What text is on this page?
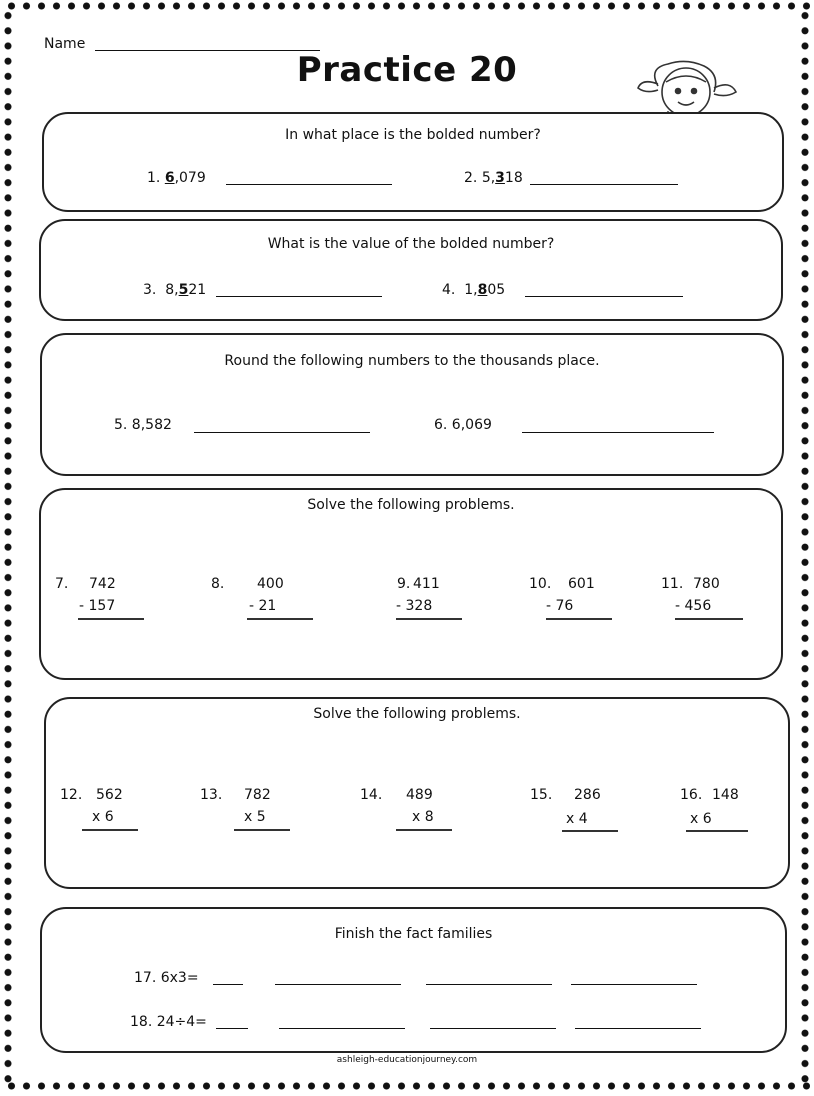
Name
Practice 20
In what place is the bolded number?
1. 6,079	2. 5,318
What is the value of the bolded number?
3. 8,521	4. 1,805
Round the following numbers to the thousands place.
5. 8,582	6. 6,069
Solve the following problems.
7. 742
- 157
8. 400
- 21
9. 411
- 328
10. 601
- 76
11. 780
- 456
Solve the following problems.
12. 562
x 6
13. 782
x 5
14. 489
x 8
15. 286
x 4
16. 148
x 6
Finish the fact families
17. 6x3=
18. 24÷4=
ashleigh-educationjourney.com
